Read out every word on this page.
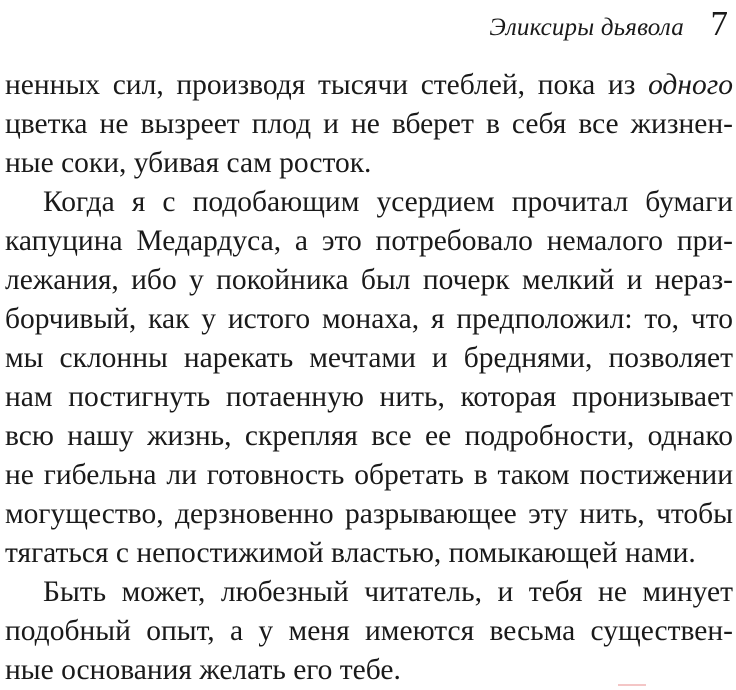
Эликсиры дьявола 7
ненных сил, производя тысячи стеблей, пока из одного
цветка не вызреет плод и не вберет в себя все жизнен-
ные соки, убивая сам росток.
Когда я с подобающим усердием прочитал бумаги
капуцина Медардуса, а это потребовало немалого при-
лежания, ибо у покойника был почерк мелкий и нераз-
борчивый, как у истого монаха, я предположил: то, что
мы склонны нарекать мечтами и бреднями, позволяет
нам постигнуть потаенную нить, которая пронизывает
всю нашу жизнь, скрепляя все ее подробности, однако
не гибельна ли готовность обретать в таком постижении
могущество, дерзновенно разрывающее эту нить, чтобы
тягаться с непостижимой властью, помыкающей нами.
Быть может, любезный читатель, и тебя не минует
подобный опыт, а у меня имеются весьма существен-
ные основания желать его тебе.
